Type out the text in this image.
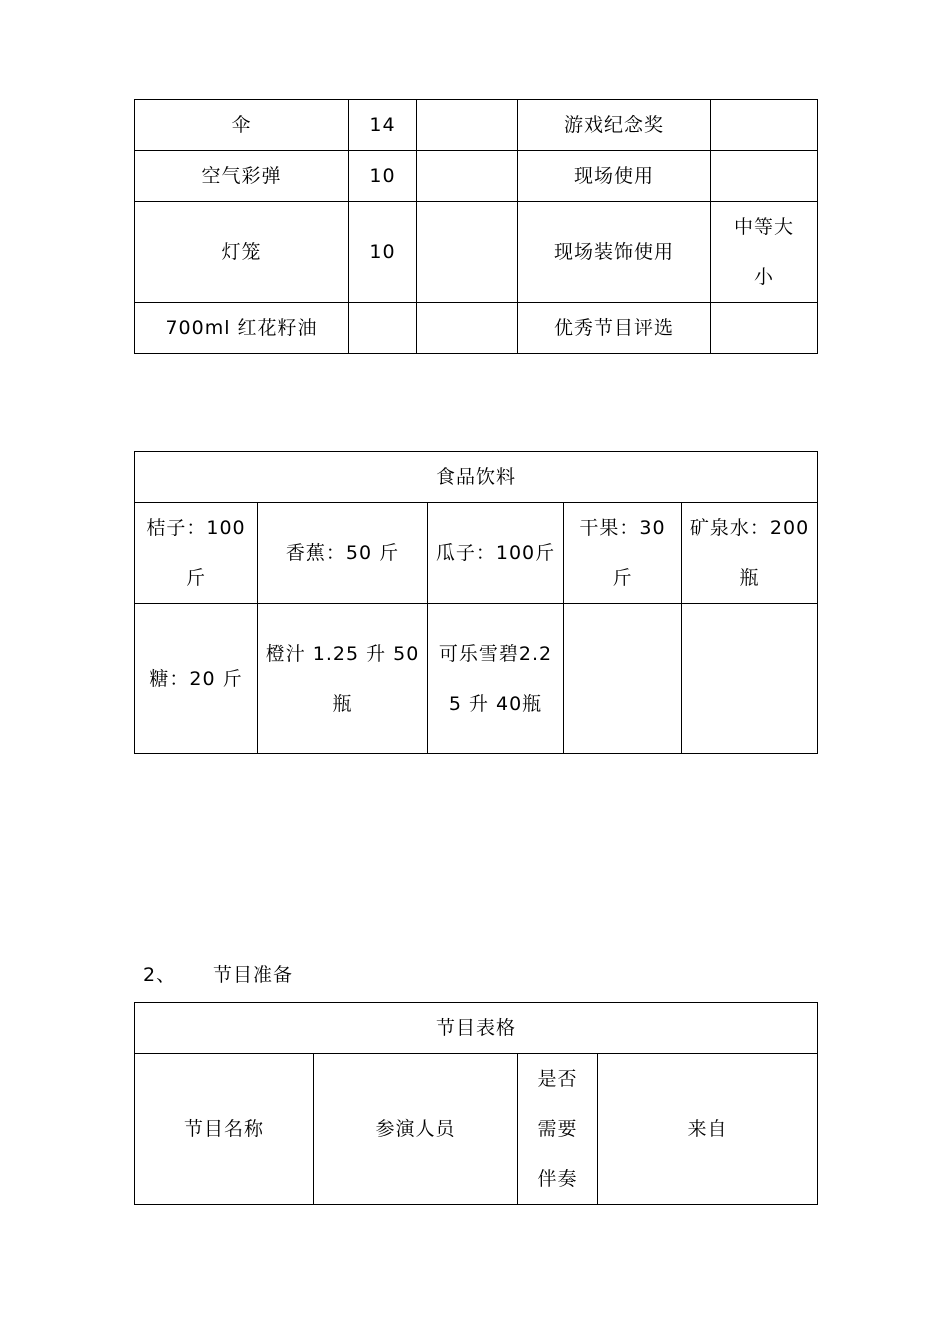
伞	14		游戏纪念奖	
空气彩弹	10		现场使用	
灯笼	10		现场装饰使用	中等大小
700ml 红花籽油			优秀节目评选	
食品饮料				
桔子：100斤	香蕉：50 斤	瓜子：100斤	干果：30斤	矿泉水：200瓶
糖：20 斤	橙汁 1.25 升 50瓶	可乐雪碧2.25 升 40瓶		
2、 节目准备
节目表格
节目名称	参演人员	是否需要伴奏	来自
